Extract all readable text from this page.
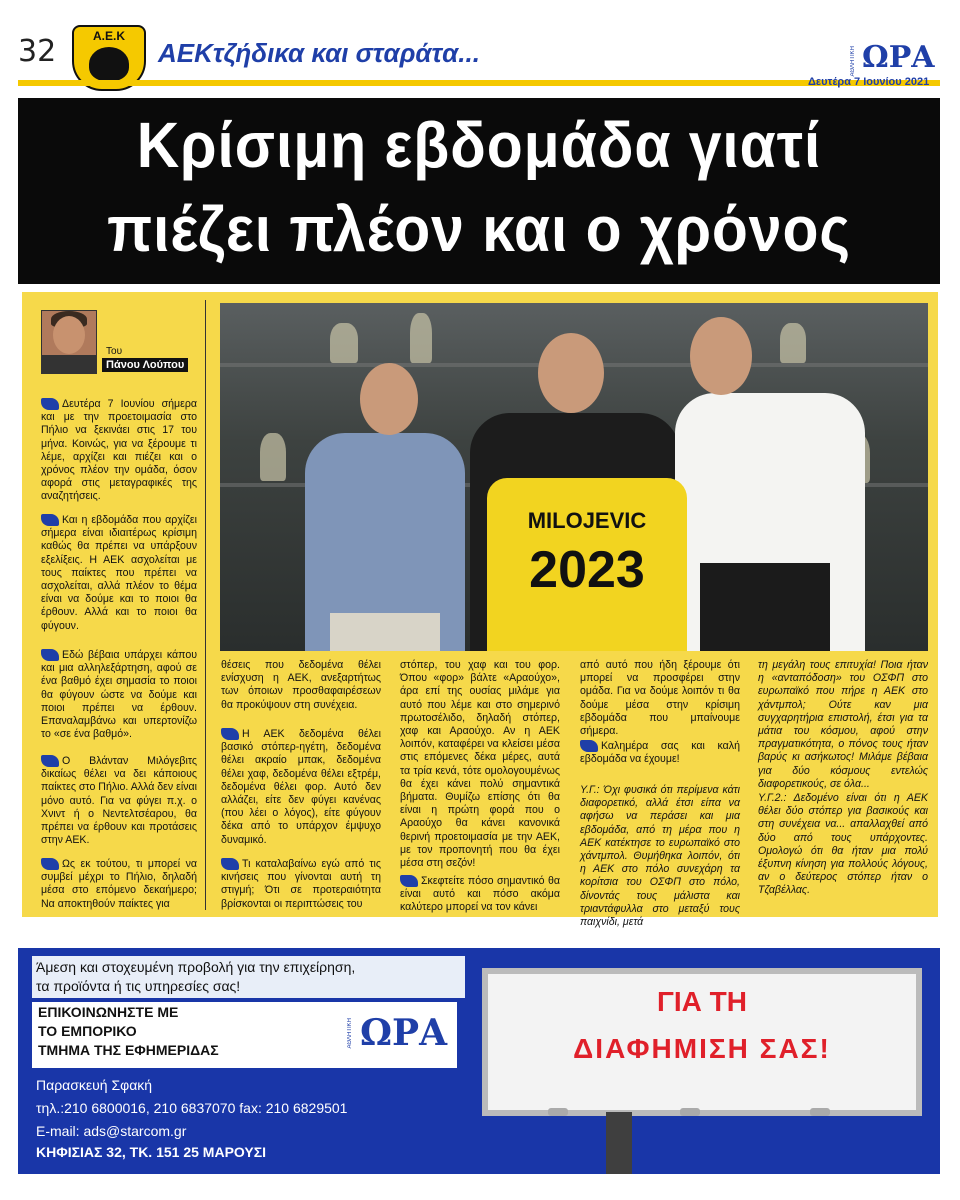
32	Α.Ε.Κ
ΑΕΚτζήδικα και σταράτα...	ΑΘΛΗΤΙΚΗ ΩΡΑ
Δευτέρα 7 Ιουνίου 2021
Κρίσιμη εβδομάδα γιατί
πιέζει πλέον και ο χρόνος
Του
Πάνου Λούπου
MILOJEVIC
2023
Δευτέρα 7 Ιουνίου σήμερα και με την προετοιμασία στο Πήλιο να ξεκινάει στις 17 του μήνα. Κοινώς, για να ξέρουμε τι λέμε, αρχίζει και πιέζει και ο χρόνος πλέον την ομάδα, όσον αφορά στις μεταγραφικές της αναζητήσεις.
Και η εβδομάδα που αρχίζει σήμερα είναι ιδιαιτέρως κρίσιμη καθώς θα πρέπει να υπάρξουν εξελίξεις. Η ΑΕΚ ασχολείται με τους παίκτες που πρέπει να ασχολείται, αλλά πλέον το θέμα είναι να δούμε και το ποιοι θα έρθουν. Αλλά και το ποιοι θα φύγουν.
Εδώ βέβαια υπάρχει κάπου και μια αλληλεξάρτηση, αφού σε ένα βαθμό έχει σημασία το ποιοι θα φύγουν ώστε να δούμε και ποιοι πρέπει να έρθουν. Επαναλαμβάνω και υπερτονίζω το «σε ένα βαθμό».
Ο Βλάνταν Μιλόγεβιτς δικαίως θέλει να δει κάποιους παίκτες στο Πήλιο. Αλλά δεν είναι μόνο αυτό. Για να φύγει π.χ. ο Χνιντ ή ο Νεντελτσέαρου, θα πρέπει να έρθουν και προτάσεις στην ΑΕΚ.
Ως εκ τούτου, τι μπορεί να συμβεί μέχρι το Πήλιο, δηλαδή μέσα στο επόμενο δεκαήμερο; Να αποκτηθούν παίκτες για
θέσεις που δεδομένα θέλει ενίσχυση η ΑΕΚ, ανεξαρτήτως των όποιων προσθαφαιρέσεων θα προκύψουν στη συνέχεια.
Η ΑΕΚ δεδομένα θέλει βασικό στόπερ-ηγέτη, δεδομένα θέλει ακραίο μπακ, δεδομένα θέλει χαφ, δεδομένα θέλει εξτρέμ, δεδομένα θέλει φορ. Αυτό δεν αλλάζει, είτε δεν φύγει κανένας (που λέει ο λόγος), είτε φύγουν δέκα από το υπάρχον έμψυχο δυναμικό.
Τι καταλαβαίνω εγώ από τις κινήσεις που γίνονται αυτή τη στιγμή; Ότι σε προτεραιότητα βρίσκονται οι περιπτώσεις του
στόπερ, του χαφ και του φορ. Όπου «φορ» βάλτε «Αραούχο», άρα επί της ουσίας μιλάμε για αυτό που λέμε και στο σημερινό πρωτοσέλιδο, δηλαδή στόπερ, χαφ και Αραούχο. Αν η ΑΕΚ λοιπόν, καταφέρει να κλείσει μέσα στις επόμενες δέκα μέρες, αυτά τα τρία κενά, τότε ομολογουμένως θα έχει κάνει πολύ σημαντικά βήματα. Θυμίζω επίσης ότι θα είναι η πρώτη φορά που ο Αραούχο θα κάνει κανονικά θερινή προετοιμασία με την ΑΕΚ, με τον προπονητή που θα έχει μέσα στη σεζόν!
Σκεφτείτε πόσο σημαντικό θα είναι αυτό και πόσο ακόμα καλύτερο μπορεί να τον κάνει
από αυτό που ήδη ξέρουμε ότι μπορεί να προσφέρει στην ομάδα. Για να δούμε λοιπόν τι θα δούμε μέσα στην κρίσιμη εβδομάδα που μπαίνουμε σήμερα.
Καλημέρα σας και καλή εβδομάδα να έχουμε!
Υ.Γ.: Όχι φυσικά ότι περίμενα κάτι διαφορετικό, αλλά έτσι είπα να αφήσω να περάσει και μια εβδομάδα, από τη μέρα που η ΑΕΚ κατέκτησε το ευρωπαϊκό στο χάντμπολ. Θυμήθηκα λοιπόν, ότι η ΑΕΚ στο πόλο συνεχάρη τα κορίτσια του ΟΣΦΠ στο πόλο, δίνοντάς τους μάλιστα και τριαντάφυλλα στο μεταξύ τους παιχνίδι, μετά
τη μεγάλη τους επιτυχία! Ποια ήταν η «ανταπόδοση» του ΟΣΦΠ στο ευρωπαϊκό που πήρε η ΑΕΚ στο χάντμπολ; Ούτε καν μια συγχαρητήρια επιστολή, έτσι για τα μάτια του κόσμου, αφού στην πραγματικότητα, ο πόνος τους ήταν βαρύς κι ασήκωτος! Μιλάμε βέβαια για δύο κόσμους εντελώς διαφορετικούς, σε όλα...
Υ.Γ.2.: Δεδομένο είναι ότι η ΑΕΚ θέλει δύο στόπερ για βασικούς και στη συνέχεια να... απαλλαχθεί από δύο από τους υπάρχοντες. Ομολογώ ότι θα ήταν μια πολύ έξυπνη κίνηση για πολλούς λόγους, αν ο δεύτερος στόπερ ήταν ο Τζαβέλλας.
Άμεση και στοχευμένη προβολή για την επιχείρηση,
τα προϊόντα ή τις υπηρεσίες σας!
ΕΠΙΚΟΙΝΩΝΗΣΤΕ ΜΕ
ΤΟ ΕΜΠΟΡΙΚΟ
ΤΜΗΜΑ ΤΗΣ ΕΦΗΜΕΡΙΔΑΣ
ΑΘΛΗΤΙΚΗ ΩΡΑ
Παρασκευή Σφακή
τηλ.:210 6800016, 210 6837070 fax: 210 6829501
E-mail: ads@starcom.gr
ΚΗΦΙΣΙΑΣ 32, ΤΚ. 151 25 ΜΑΡΟΥΣΙ
ΓΙΑ ΤΗ
ΔΙΑΦΗΜΙΣΗ ΣΑΣ!
